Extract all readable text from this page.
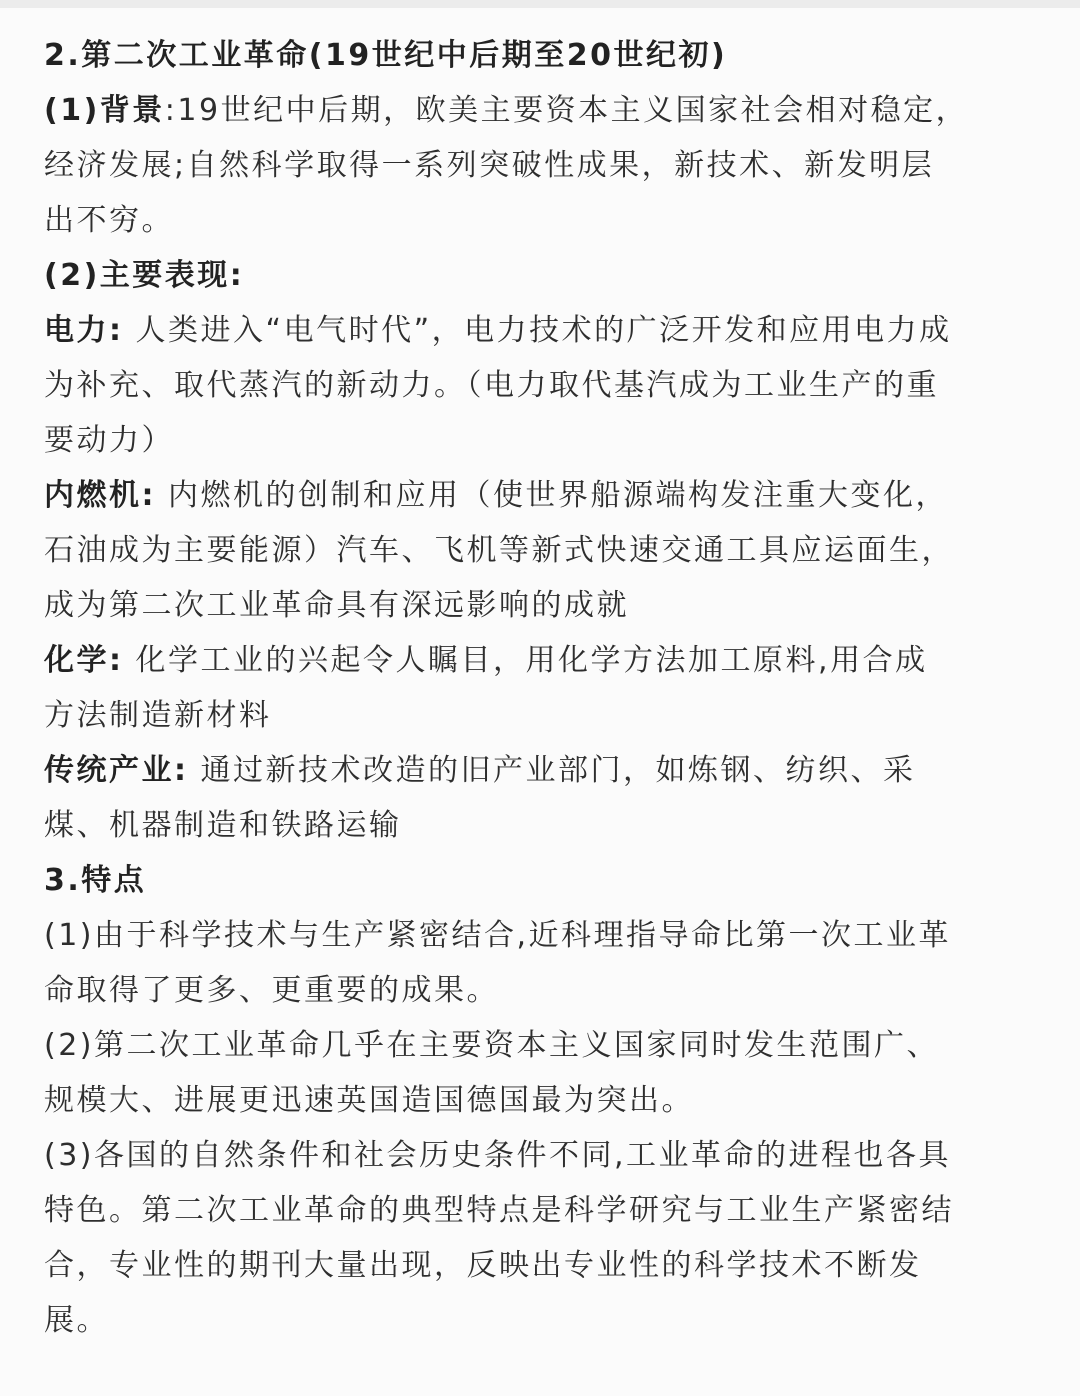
2.第二次工业革命(19世纪中后期至20世纪初)
(1)背景:19世纪中后期，欧美主要资本主义国家社会相对稳定，
经济发展;自然科学取得一系列突破性成果，新技术、新发明层
出不穷。
(2)主要表现:
电力: 人类进入“电气时代”，电力技术的广泛开发和应用电力成
为补充、取代蒸汽的新动力。（电力取代基汽成为工业生产的重
要动力）
内燃机: 内燃机的创制和应用（使世界船源端构发注重大变化，
石油成为主要能源）汽车、飞机等新式快速交通工具应运面生，
成为第二次工业革命具有深远影响的成就
化学: 化学工业的兴起令人瞩目，用化学方法加工原料,用合成
方法制造新材料
传统产业: 通过新技术改造的旧产业部门，如炼钢、纺织、采
煤、机器制造和铁路运输
3.特点
(1)由于科学技术与生产紧密结合,近科理指导命比第一次工业革
命取得了更多、更重要的成果。
(2)第二次工业革命几乎在主要资本主义国家同时发生范围广、
规模大、进展更迅速英国造国德国最为突出。
(3)各国的自然条件和社会历史条件不同,工业革命的进程也各具
特色。第二次工业革命的典型特点是科学研究与工业生产紧密结
合，专业性的期刊大量出现，反映出专业性的科学技术不断发
展。
